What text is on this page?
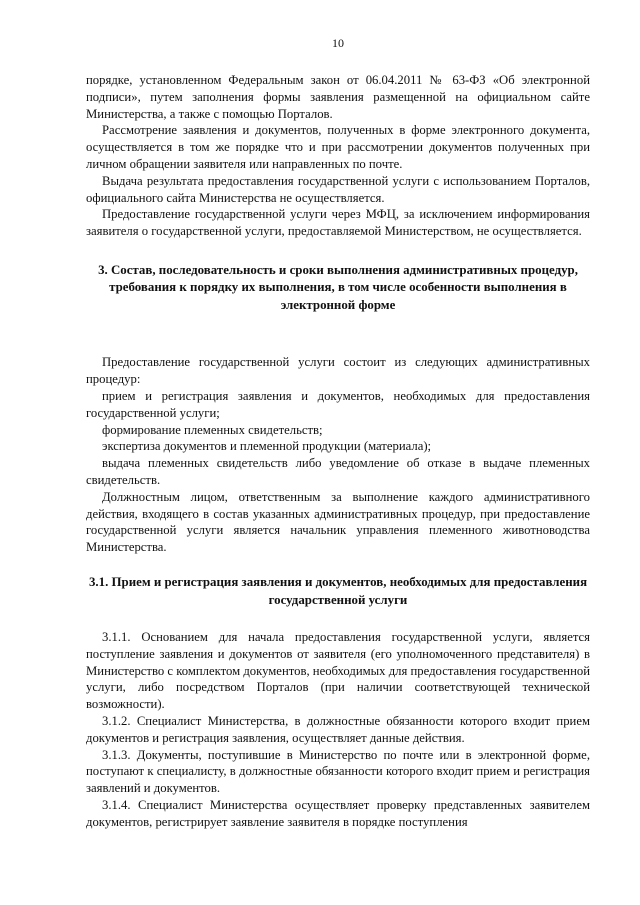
10

порядке, установленном Федеральным закон от 06.04.2011 № 63-ФЗ «Об электронной подписи», путем заполнения формы заявления размещенной на официальном сайте Министерства, а также с помощью Порталов.

Рассмотрение заявления и документов, полученных в форме электронного документа, осуществляется в том же порядке что и при рассмотрении документов полученных при личном обращении заявителя или направленных по почте.

Выдача результата предоставления государственной услуги с использованием Порталов, официального сайта Министерства не осуществляется.

Предоставление государственной услуги через МФЦ, за исключением информирования заявителя о государственной услуги, предоставляемой Министерством, не осуществляется.

3. Состав, последовательность и сроки выполнения административных процедур, требования к порядку их выполнения, в том числе особенности выполнения в электронной форме

Предоставление государственной услуги состоит из следующих административных процедур:

прием и регистрация заявления и документов, необходимых для предоставления государственной услуги;

формирование племенных свидетельств;

экспертиза документов и племенной продукции (материала);

выдача племенных свидетельств либо уведомление об отказе в выдаче племенных свидетельств.

Должностным лицом, ответственным за выполнение каждого административного действия, входящего в состав указанных административных процедур, при предоставление государственной услуги является начальник управления племенного животноводства Министерства.

3.1. Прием и регистрация заявления и документов, необходимых для предоставления государственной услуги

3.1.1. Основанием для начала предоставления государственной услуги, является поступление заявления и документов от заявителя (его уполномоченного представителя) в Министерство с комплектом документов, необходимых для предоставления государственной услуги, либо посредством Порталов (при наличии соответствующей технической возможности).

3.1.2. Специалист Министерства, в должностные обязанности которого входит прием документов и регистрация заявления, осуществляет данные действия.

3.1.3. Документы, поступившие в Министерство по почте или в электронной форме, поступают к специалисту, в должностные обязанности которого входит прием и регистрация заявлений и документов.

3.1.4. Специалист Министерства осуществляет проверку представленных заявителем документов, регистрирует заявление заявителя в порядке поступления
